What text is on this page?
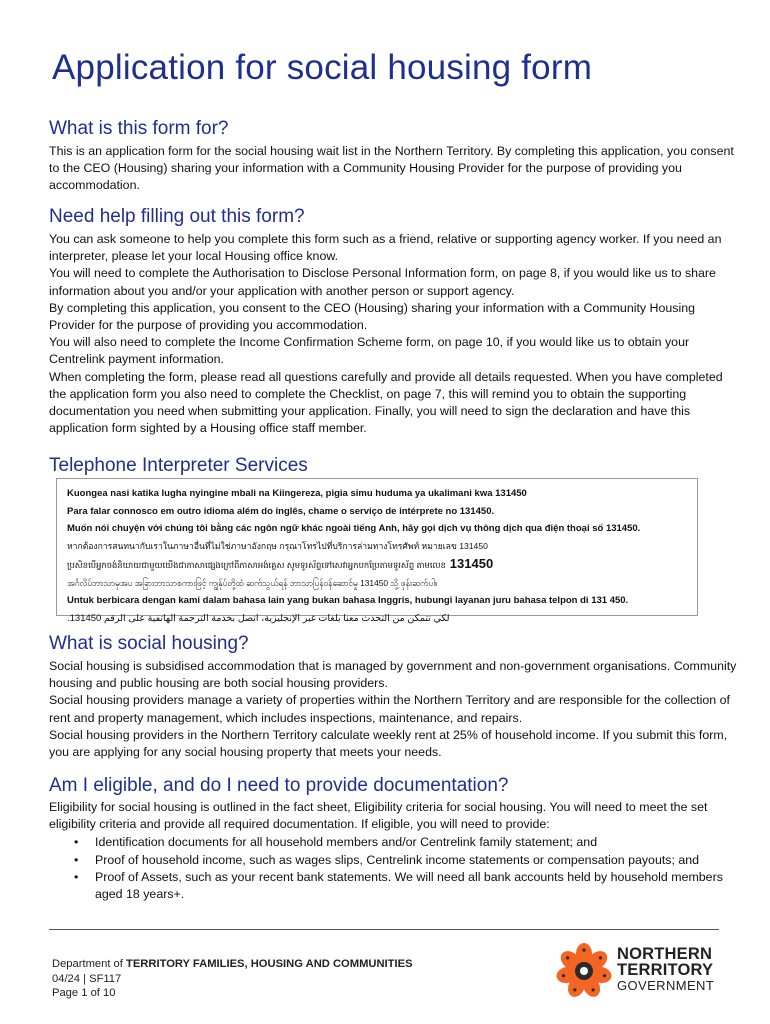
Application for social housing form
What is this form for?

This is an application form for the social housing wait list in the Northern Territory. By completing this application, you consent to the CEO (Housing) sharing your information with a Community Housing Provider for the purpose of providing you accommodation.

Need help filling out this form?

You can ask someone to help you complete this form such as a friend, relative or supporting agency worker. If you need an interpreter, please let your local Housing office know.

You will need to complete the Authorisation to Disclose Personal Information form, on page 8, if you would like us to share information about you and/or your application with another person or support agency.

By completing this application, you consent to the CEO (Housing) sharing your information with a Community Housing Provider for the purpose of providing you accommodation.

You will also need to complete the Income Confirmation Scheme form, on page 10, if you would like us to obtain your Centrelink payment information.

When completing the form, please read all questions carefully and provide all details requested. When you have completed the application form you also need to complete the Checklist, on page 7, this will remind you to obtain the supporting documentation you need when submitting your application. Finally, you will need to sign the declaration and have this application form sighted by a Housing office staff member.

Telephone Interpreter Services
Kuongea nasi katika lugha nyingine mbali na Kiingereza, pigia simu huduma ya ukalimani kwa 131450
Para falar connosco em outro idioma além do inglês, chame o serviço de intérprete no 131450.
Muốn nói chuyện với chúng tôi bằng các ngôn ngữ khác ngoài tiếng Anh, hãy gọi dịch vụ thông dịch qua điện thoại số 131450.
หากต้องการสนทนากับเราในภาษาอื่นที่ไม่ใช่ภาษาอังกฤษ กรุณาโทรไปที่บริการล่ามทางโทรศัพท์ หมายเลข 131450
ប្រសិនបើអ្នកចង់និយាយជាមួយយើងជាភាសាផ្សេងក្រៅពីភាសាអង់គ្លេស សូមទូរស័ព្ទទៅសេវាអ្នកបកប្រែតាមទូរស័ព្ទ តាមលេខ 131450
အင်္ဂလိပ်ဘာသာမှအပ အခြားဘာသာစကားဖြင့် ကျွန်ုပ်တို့ထံ ဆက်သွယ်ရန် ဘာသာပြန်ဝန်ဆောင်မှု 131450 သို့ ဖုန်းဆက်ပါ။
Untuk berbicara dengan kami dalam bahasa lain yang bukan bahasa Inggris, hubungi layanan juru bahasa telpon di 131 450.
لكي تتمكن من التحدث معنا بلغات غير الإنجليزية، اتصل بخدمة الترجمة الهاتفية على الرقم 131450.
What is social housing?

Social housing is subsidised accommodation that is managed by government and non-government organisations. Community housing and public housing are both social housing providers.

Social housing providers manage a variety of properties within the Northern Territory and are responsible for the collection of rent and property management, which includes inspections, maintenance, and repairs.

Social housing providers in the Northern Territory calculate weekly rent at 25% of household income. If you submit this form, you are applying for any social housing property that meets your needs.

Am I eligible, and do I need to provide documentation?

Eligibility for social housing is outlined in the fact sheet, Eligibility criteria for social housing. You will need to meet the set eligibility criteria and provide all required documentation. If eligible, you will need to provide:

• Identification documents for all household members and/or Centrelink family statement; and
• Proof of household income, such as wages slips, Centrelink income statements or compensation payouts; and
• Proof of Assets, such as your recent bank statements. We will need all bank accounts held by household members aged 18 years+.
Department of TERRITORY FAMILIES, HOUSING AND COMMUNITIES
04/24 | SF117
Page 1 of 10
NORTHERN
TERRITORY
GOVERNMENT
